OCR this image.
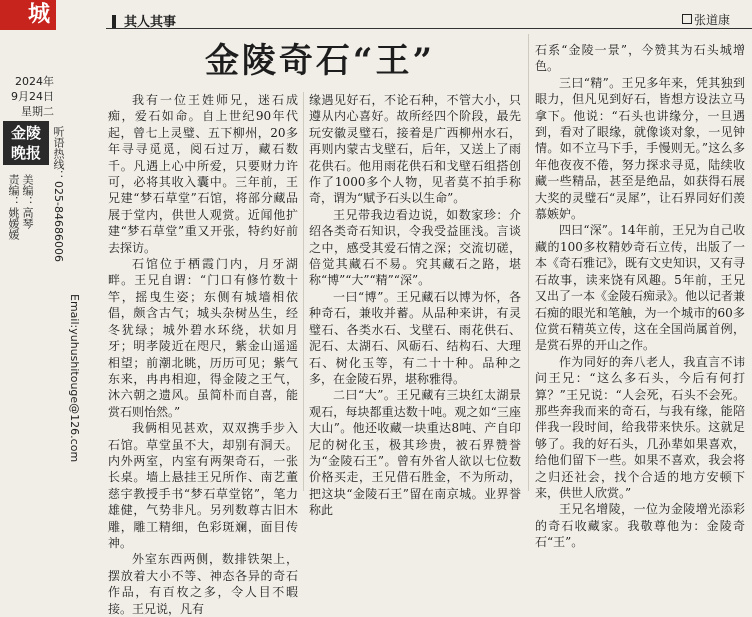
城
2024年
9月24日
星期二
金陵
晚报
责编：姚媛媛 美编：高琴 听语热线：025-84686006
Email:yuhushitouge@126.com
其人其事	张道康
金陵奇石“王”

我有一位王姓师兄，迷石成痴，爱石如命。自上世纪90年代起，曾七上灵璧、五下柳州，20多年寻寻觅觅，阅石过万，藏石数千。凡遇上心中所爱，只要财力许可，必将其收入囊中。三年前，王兄建“梦石草堂”石馆，将部分藏品展于堂内，供世人观赏。近闻他扩建“梦石草堂”重又开张，特约好前去探访。

石馆位于栖霞门内，月牙湖畔。王兄自谓：“门口有修竹数十竿，摇曳生姿；东侧有城墙相依倡，颇含古气；城头杂树丛生，经冬犹绿；城外碧水环绕，状如月牙；明孝陵近在咫尺，紫金山遥遥相望；前潮北眺，历历可见；紫气东来，冉冉相迎，得金陵之王气，沐六朝之遗风。虽简朴而自喜，能赏石则怡然。”

我俩相见甚欢，双双携手步入石馆。草堂虽不大，却别有洞天。内外两室，内室有两架奇石，一张长桌。墙上悬挂王兄所作、南艺董慈宇教授手书“梦石草堂铭”，笔力雄健，气势非凡。另列数尊古旧木雕，雕工精细，色彩斑斓，面目传神。

外室东西两侧，数排铁架上，摆放着大小不等、神态各异的奇石作品，有百枚之多，令人目不暇接。王兄说，凡有

缘遇见好石，不论石种，不管大小，只遵从内心喜好。故所经四个阶段，最先玩安徽灵璧石，接着是广西柳州水石，再则内蒙古戈壁石，后年，又送上了雨花供石。他用雨花供石和戈壁石组搭创作了1000多个人物，见者莫不拍手称奇，谓为“赋予石头以生命”。

王兄带我边看边说，如数家珍：介绍各类奇石知识，令我受益匪浅。言谈之中，感受其爱石情之深；交流切磋，倍觉其藏石不易。究其藏石之路，堪称“博”“大”“精”“深”。

一曰“博”。王兄藏石以博为怀，各种奇石，兼收并蓄。从品种来讲，有灵璧石、各类水石、戈壁石、雨花供石、泥石、太湖石、风砺石、结构石、大理石、树化玉等，有二十十种。品种之多，在金陵石界，堪称雅得。

二曰“大”。王兄藏有三块红太湖景观石，每块都重达数十吨。观之如“三座大山”。他还收藏一块重达8吨、产自印尼的树化玉，极其珍贵，被石界赞誉为“金陵石王”。曾有外省人欲以七位数价格买走，王兄借石胜金，不为所动，把这块“金陵石王”留在南京城。业界誉称此

石系“金陵一景”，今赞其为石头城增色。

三曰“精”。王兄多年来，凭其独到眼力，但凡见到好石，皆想方设法立马拿下。他说：“石头也讲缘分，一旦遇到，看对了眼缘，就像谈对象，一见钟情。如不立马下手，手慢则无。”这么多年他夜夜不倦，努力探求寻觅，陆续收藏一些精品，甚至是绝品，如获得石展大奖的灵璧石“灵犀”，让石界同好们羡慕嫉妒。

四曰“深”。14年前，王兄为自己收藏的100多枚精妙奇石立传，出版了一本《奇石雅记》，既有文史知识，又有寻石故事，读来饶有风趣。5年前，王兄又出了一本《金陵石痴录》。他以记者兼石痴的眼光和笔触，为一个城市的60多位赏石精英立传，这在全国尚属首例，是赏石界的开山之作。

作为同好的奔八老人，我直言不讳问王兄：“这么多石头，今后有何打算？”王兄说：“人会死，石头不会死。那些奔我而来的奇石，与我有缘，能陪伴我一段时间，给我带来快乐。这就足够了。我的好石头，几孙辈如果喜欢，给他们留下一些。如果不喜欢，我会将之归还社会，找个合适的地方安顿下来，供世人欣赏。”

王兄名增陵，一位为金陵增光添彩的奇石收藏家。我敬尊他为：金陵奇石“王”。
